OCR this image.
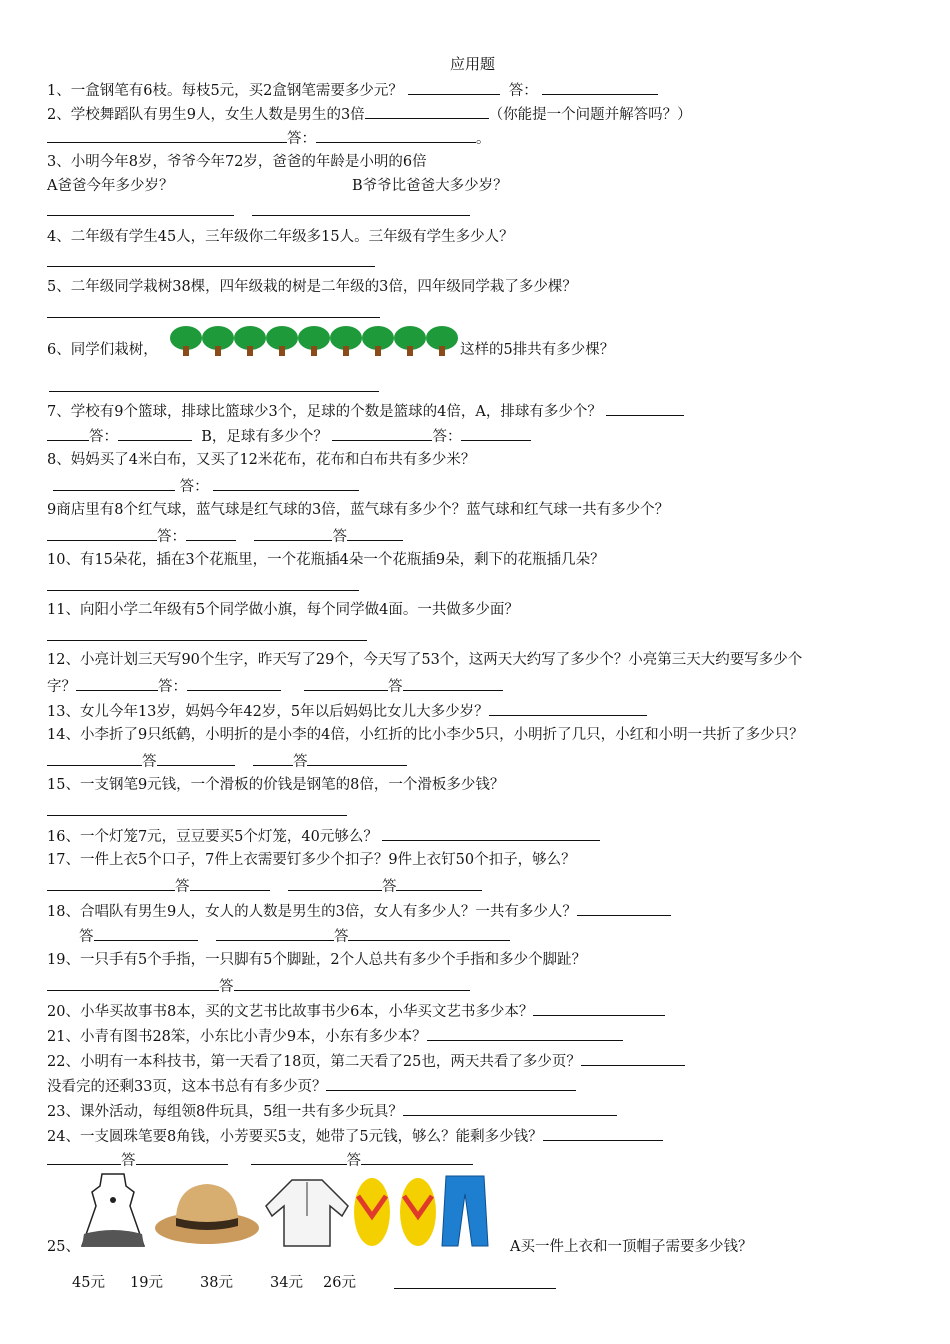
应用题
1、一盒钢笔有6枝。每枝5元，买2盒钢笔需要多少元？	答：
2、学校舞蹈队有男生9人，女生人数是男生的3倍	（你能提一个问题并解答吗？）
答：	。
3、小明今年8岁，爷爷今年72岁，爸爸的年龄是小明的6倍
A爸爸今年多少岁？	B爷爷比爸爸大多少岁？

4、二年级有学生45人，三年级你二年级多15人。三年级有学生多少人？
5、二年级同学栽树38棵，四年级栽的树是二年级的3倍，四年级同学栽了多少棵？
6、同学们栽树，	这样的5排共有多少棵？
7、学校有9个篮球，排球比篮球少3个，足球的个数是篮球的4倍，A，排球有多少个？
答：	B，足球有多少个？	答：
8、妈妈买了4米白布，又买了12米花布，花布和白布共有多少米？
答：
9商店里有8个红气球，蓝气球是红气球的3倍，蓝气球有多少个？蓝气球和红气球一共有多少个？
答：	答
10、有15朵花，插在3个花瓶里，一个花瓶插4朵一个花瓶插9朵，剩下的花瓶插几朵？
11、向阳小学二年级有5个同学做小旗，每个同学做4面。一共做多少面？
12、小亮计划三天写90个生字，昨天写了29个，今天写了53个，这两天大约写了多少个？小亮第三天大约要写多少个
字？	答：	答
13、女儿今年13岁，妈妈今年42岁，5年以后妈妈比女儿大多少岁？
14、小李折了9只纸鹤，小明折的是小李的4倍，小红折的比小李少5只，小明折了几只，小红和小明一共折了多少只？
答	答
15、一支钢笔9元钱，一个滑板的价钱是钢笔的8倍，一个滑板多少钱？
16、一个灯笼7元，豆豆要买5个灯笼，40元够么？
17、一件上衣5个口子，7件上衣需要钉多少个扣子？9件上衣钉50个扣子，够么？
答	答
18、合唱队有男生9人，女人的人数是男生的3倍，女人有多少人？一共有多少人？
答	答
19、一只手有5个手指，一只脚有5个脚趾，2个人总共有多少个手指和多少个脚趾？
答
20、小华买故事书8本，买的文艺书比故事书少6本，小华买文艺书多少本？
21、小青有图书28笨，小东比小青少9本，小东有多少本？
22、小明有一本科技书，第一天看了18页，第二天看了25也，两天共看了多少页？
没看完的还剩33页，这本书总有有多少页？
23、课外活动，每组领8件玩具，5组一共有多少玩具？
24、一支圆珠笔要8角钱，小芳要买5支，她带了5元钱，够么？能剩多少钱？
答	答
25、	A买一件上衣和一顶帽子需要多少钱？
45元 19元	38元	34元 26元
